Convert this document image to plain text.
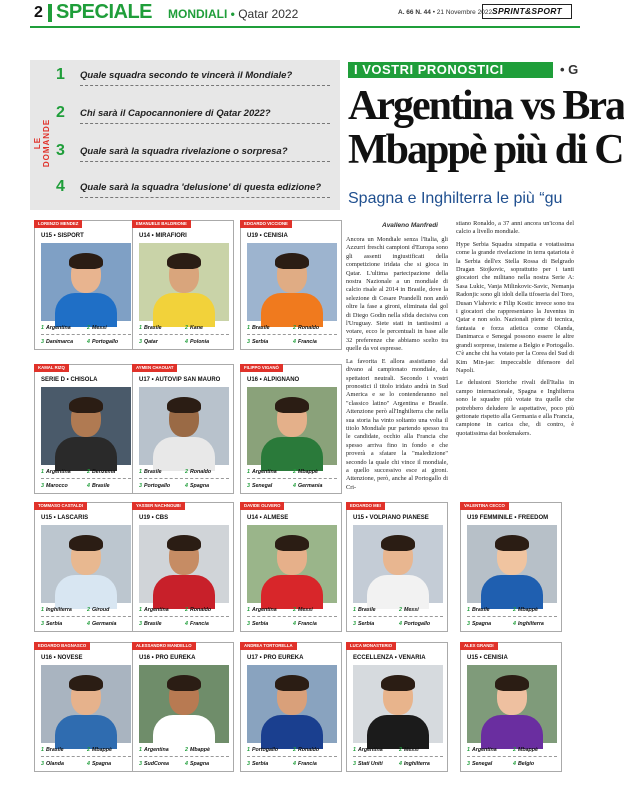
2 SPECIALE MONDIALI • Qatar 2022	A. 66 N. 44 • 21 Novembre 2022 SPRINT&SPORT
LE DOMANDE
1 Quale squadra secondo te vincerà il Mondiale?
2 Chi sarà il Capocannoniere di Qatar 2022?
3 Quale sarà la squadra rivelazione o sorpresa?
4 Quale sarà la squadra 'delusione' di questa edizione?
I VOSTRI PRONOSTICI	• G
Argentina vs Bra
Mbappè più di C
Spagna e Inghilterra le più “gu
Avalleno Manfredi

Ancora un Mondiale senza l'Italia, gli Azzurri freschi campioni d'Europa sono gli assenti ingiustificati della competizione iridata che si gioca in Qatar. L'ultima partecipazione della nostra Nazionale a un mondiale di calcio risale al 2014 in Brasile, dove la selezione di Cesare Prandelli non andò oltre la fase a gironi, eliminata dal gol di Diego Godin nella sfida decisiva con l'Uruguay. Siete stati in tantissimi a votare, ecco le percentuali in base alle 32 preferenze che abbiamo scelto tra quelle da voi espresse.

La favorita E allora assistiamo dal divano al campionato mondiale, da spettatori neutrali. Secondo i vostri pronostici il titolo iridato andrà in Sud America e se lo contenderanno nel "classico latino" Argentina e Brasile. Attenzione però all'Inghilterra che nella sua storia ha vinto soltanto una volta il titolo Mondiale pur partendo spesso tra le candidate, occhio alla Francia che spesso arriva fino in fondo e che proverà a sfatare la "maledizione" secondo la quale chi vince il mondiale, a quello successivo esce ai gironi. Attenzione, però, anche al Portogallo di Cri-

stiano Ronaldo, a 37 anni ancora un'icona del calcio a livello mondiale.

Hype Serbia Squadra simpatia e votatissima come la grande rivelazione in terra qatariota è la Serbia dell'ex Stella Rossa di Belgrado Dragan Stojkovic, soprattutto per i tanti giocatori che militano nella nostra Serie A: Sasa Lukic, Vanja Milinkovic-Savic, Nemanja Radonjic sono gli idoli della tifoseria del Toro, Dusan Vlahovic e Filip Kostic invece sono tra i giocatori che rappresentano la Juventus in Qatar e non solo. Nazionali piene di tecnica, fantasia e forza atletica come Olanda, Danimarca e Senegal possono essere le altre grandi sorprese, insieme a Belgio e Portogallo. C'è anche chi ha votato per la Corea del Sud di Kim Min-jae: impeccabile difensore del Napoli.

Le delusioni Storiche rivali dell'Italia in campo internazionale, Spagna e Inghilterra sono le squadre più votate tra quelle che potrebbero deludere le aspettative, poco più gettonate rispetto alla Germania e alla Francia, campione in carica che, di contro, è quotatissima dai bookmakers.

LORENZO MENDEZ
U15 • SISPORT
1 Argentina	2 Messi
3 Danimarca	4 Portogallo
EMANUELE BALDRIONE
U14 • MIRAFIORI
1 Brasile	2 Kane
3 Qatar	4 Polonia
EDOARDO VICCIONE
U19 • CENISIA
1 Brasile	2 Ronaldo
3 Serbia	4 Francia
KAMAL RIZQ
SERIE D • CHISOLA
1 Argentina	2 Benzema
3 Marocco	4 Brasile
AYMEN CHAOUAT
U17 • AUTOVIP SAN MAURO
1 Brasile	2 Ronaldo
3 Portogallo	4 Spagna
FILIPPO VIGANÒ
U16 • ALPIGNANO
1 Argentina	2 Mbappè
3 Senegal	4 Germania
TOMMASO CASTALDI
U15 • LASCARIS
1 Inghilterra	2 Giroud
3 Serbia	4 Germania
YASSER NACHNOUBI
U19 • CBS
1 Argentina	2 Ronaldo
3 Brasile	4 Francia
DAVIDE OLIVERO
U14 • ALMESE
1 Argentina	2 Messi
3 Serbia	4 Francia
EDOARDO MEI
U15 • VOLPIANO PIANESE
1 Brasile	2 Messi
3 Serbia	4 Portogallo
VALENTINA CECCO
U19 FEMMINILE • FREEDOM
1 Brasile	2 Mbappè
3 Spagna	4 Inghilterra
EDOARDO BAGNASCO
U16 • NOVESE
1 Brasile	2 Mbappè
3 Olanda	4 Spagna
ALESSANDRO MANDELLO
U16 • PRO EUREKA
1 Argentina	2 Mbappè
3 SudCorea	4 Spagna
ANDREA TORTORELLA
U17 • PRO EUREKA
1 Portogallo	2 Ronaldo
3 Serbia	4 Francia
LUCA MONASTERIO
ECCELLENZA • VENARIA
1 Argentina	2 Messi
3 Stati Uniti	4 Inghilterra
ALEX GRANDI
U15 • CENISIA
1 Argentina	2 Mbappè
3 Senegal	4 Belgio
